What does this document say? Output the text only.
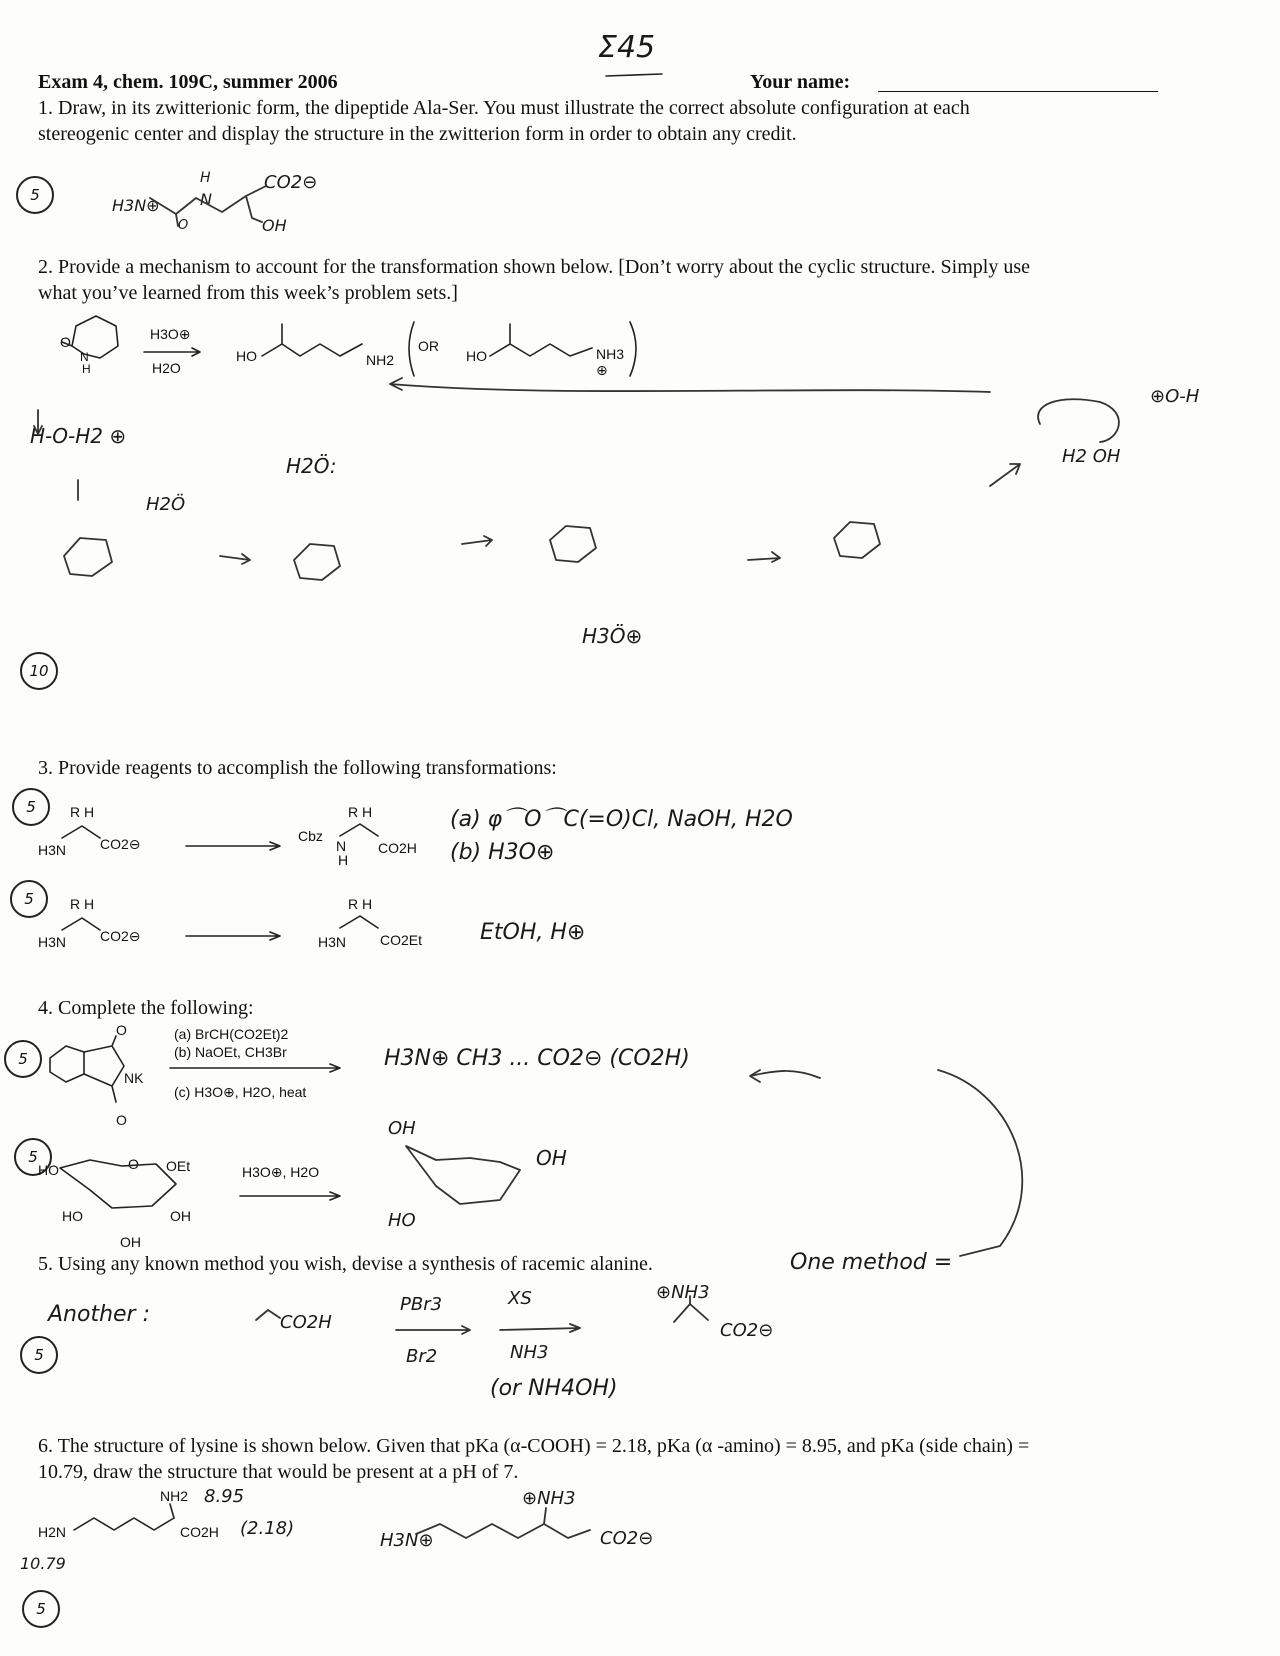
Σ45
Exam 4, chem. 109C, summer 2006	Your name:
1. Draw, in its zwitterionic form, the dipeptide Ala-Ser. You must illustrate the correct absolute configuration at each
stereogenic center and display the structure in the zwitterion form in order to obtain any credit.
5
H3N⊕
H
N
O
CO2⊖
OH
2. Provide a mechanism to account for the transformation shown below. [Don’t worry about the cyclic structure. Simply use
what you’ve learned from this week’s problem sets.]
O
N
H
H3O⊕
H2O
HO	NH2
OR
HO	NH3
⊕
H-O-H2 ⊕
H2Ö:
H2Ö
H3Ö⊕
H2 OH
⊕O-H
10
3. Provide reagents to accomplish the following transformations:
5
5
R H
H3N CO2⊖	Cbz
R H
N
H
CO2H
(a) φ⌒O⌒C(=O)Cl, NaOH, H2O
(b) H3O⊕
R H
H3N CO2⊖
R H
H3N CO2Et	EtOH, H⊕
4. Complete the following:
5
5
O
NK
O
(a) BrCH(CO2Et)2
(b) NaOEt, CH3Br
(c) H3O⊕, H2O, heat
H3N⊕ CH3 ... CO2⊖ (CO2H)
HO	O OEt
HO	OH
OH
H3O⊕, H2O
OH
HO
OH
5. Using any known method you wish, devise a synthesis of racemic alanine.	One method =
Another :
5
CO2H
PBr3
Br2
XS
NH3
(or NH4OH)
⊕NH3
CO2⊖
6. The structure of lysine is shown below. Given that pKa (α-COOH) = 2.18, pKa (α -amino) = 8.95, and pKa (side chain) =
10.79, draw the structure that would be present at a pH of 7.
NH2 8.95
H2N	CO2H (2.18)
10.79
5
⊕NH3
H3N⊕	CO2⊖
